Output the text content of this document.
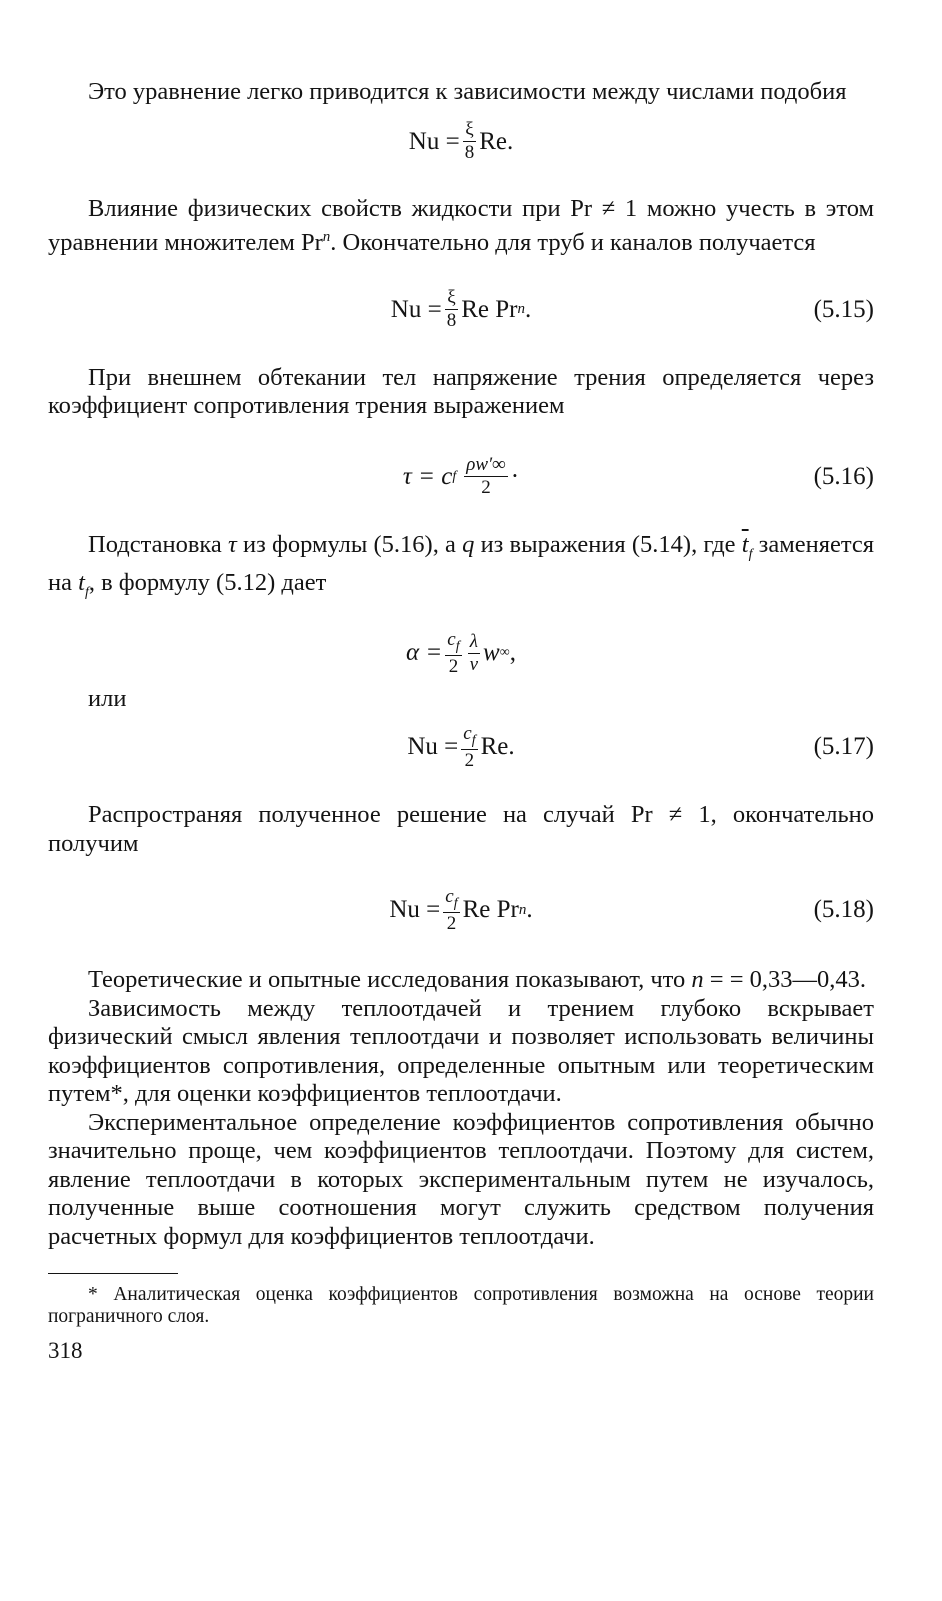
Это уравнение легко приводится к зависимости между числами подобия

$Nu = \frac{\xi}{8} Re$.

Влияние физических свойств жидкости при Pr ≠ 1 можно учесть в этом уравнении множителем Pr$^n$. Окончательно для труб и каналов получается

$Nu = \frac{\xi}{8}$ Re Pr n .	(5.15)

При внешнем обтекании тел напряжение трения определяется через коэффициент сопротивления трения выражением

τ = c f $\frac{\rho w'\infty}{2}$ ·	(5.16)

Подстановка τ из формулы (5.16), а q из выражения (5.14), где $\overline{t}_f$ заменяется на $t_f$, в формулу (5.12) дает

$\alpha = \frac{c_f}{2} \frac{\lambda}{\nu}$ w ∞ ,
или
$Nu = \frac{c_f}{2} Re$.	(5.17)

Распространяя полученное решение на случай Pr ≠ 1, окончательно получим

$Nu = \frac{c_f}{2}$ Re Pr n .	(5.18)

Теоретические и опытные исследования показывают, что n = = 0,33—0,43.

Зависимость между теплоотдачей и трением глубоко вскрывает физический смысл явления теплоотдачи и позволяет использовать величины коэффициентов сопротивления, определенные опытным или теоретическим путем*, для оценки коэффициентов теплоотдачи.

Экспериментальное определение коэффициентов сопротивления обычно значительно проще, чем коэффициентов теплоотдачи. Поэтому для систем, явление теплоотдачи в которых экспериментальным путем не изучалось, полученные выше соотношения могут служить средством получения расчетных формул для коэффициентов теплоотдачи.

* Аналитическая оценка коэффициентов сопротивления возможна на основе теории пограничного слоя.

318
